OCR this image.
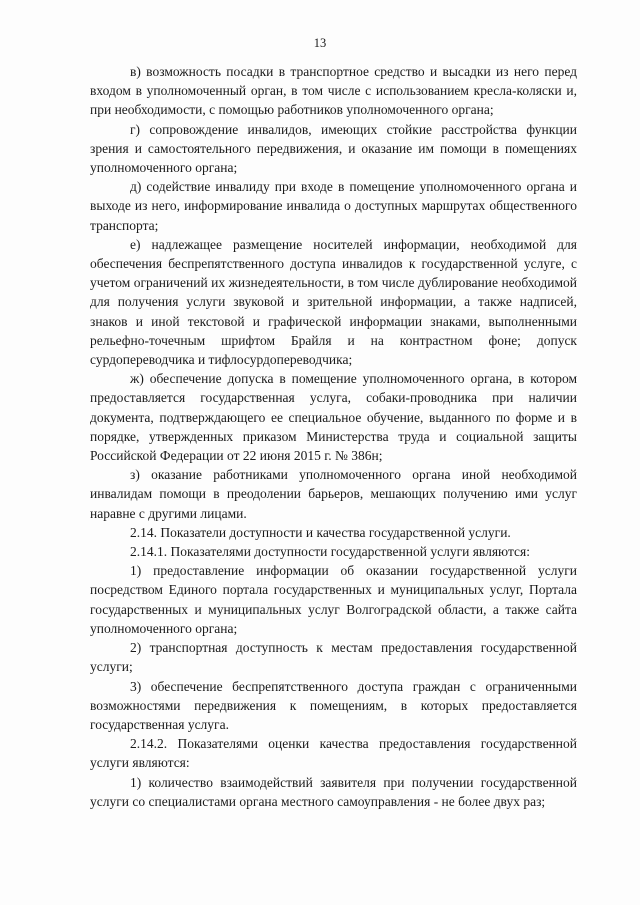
13

в) возможность посадки в транспортное средство и высадки из него перед входом в уполномоченный орган, в том числе с использованием кресла-коляски и, при необходимости, с помощью работников уполномоченного органа;

г) сопровождение инвалидов, имеющих стойкие расстройства функции зрения и самостоятельного передвижения, и оказание им помощи в помещениях уполномоченного органа;

д) содействие инвалиду при входе в помещение уполномоченного органа и выходе из него, информирование инвалида о доступных маршрутах общественного транспорта;

е) надлежащее размещение носителей информации, необходимой для обеспечения беспрепятственного доступа инвалидов к государственной услуге, с учетом ограничений их жизнедеятельности, в том числе дублирование необходимой для получения услуги звуковой и зрительной информации, а также надписей, знаков и иной текстовой и графической информации знаками, выполненными рельефно-точечным шрифтом Брайля и на контрастном фоне; допуск сурдопереводчика и тифлосурдопереводчика;

ж) обеспечение допуска в помещение уполномоченного органа, в котором предоставляется государственная услуга, собаки-проводника при наличии документа, подтверждающего ее специальное обучение, выданного по форме и в порядке, утвержденных приказом Министерства труда и социальной защиты Российской Федерации от 22 июня 2015 г. № 386н;

з) оказание работниками уполномоченного органа иной необходимой инвалидам помощи в преодолении барьеров, мешающих получению ими услуг наравне с другими лицами.

2.14. Показатели доступности и качества государственной услуги.

2.14.1. Показателями доступности государственной услуги являются:

1) предоставление информации об оказании государственной услуги посредством Единого портала государственных и муниципальных услуг, Портала государственных и муниципальных услуг Волгоградской области, а также сайта уполномоченного органа;

2) транспортная доступность к местам предоставления государственной услуги;

3) обеспечение беспрепятственного доступа граждан с ограниченными возможностями передвижения к помещениям, в которых предоставляется государственная услуга.

2.14.2. Показателями оценки качества предоставления государственной услуги являются:

1) количество взаимодействий заявителя при получении государственной услуги со специалистами органа местного самоуправления - не более двух раз;
